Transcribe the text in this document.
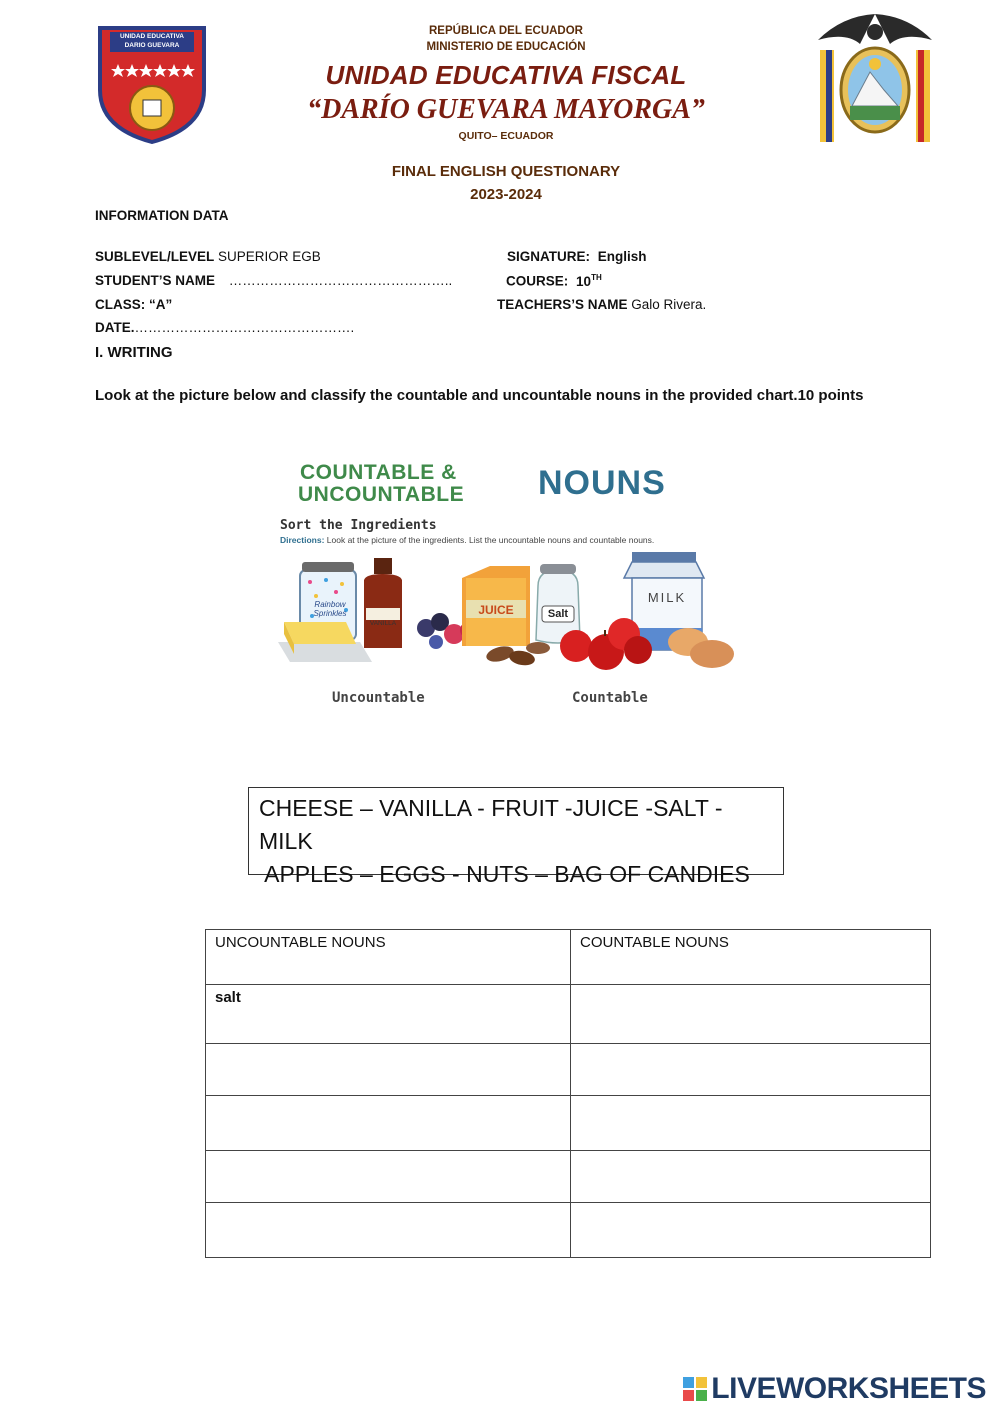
UNIDAD EDUCATIVA DARIO GUEVARA
REPÚBLICA DEL ECUADOR
MINISTERIO DE EDUCACIÓN
UNIDAD EDUCATIVA FISCAL
“DARÍO GUEVARA MAYORGA”
QUITO– ECUADOR
FINAL ENGLISH QUESTIONARY
2023-2024
INFORMATION DATA
SUBLEVEL/LEVEL SUPERIOR EGB	SIGNATURE: English
STUDENT’S NAME …………………………………………..	COURSE: 10TH
CLASS: “A”	TEACHERS’S NAME Galo Rivera.
DATE.………………………………………….
I. WRITING
Look at the picture below and classify the countable and uncountable nouns in the provided chart.10 points
COUNTABLE &
UNCOUNTABLE NOUNS
Sort the Ingredients
Directions: Look at the picture of the ingredients. List the uncountable nouns and countable nouns.
Rainbow Sprinkles
VANILLA
JUICE	Salt
MILK
Uncountable	Countable
CHEESE – VANILLA - FRUIT -JUICE -SALT -MILK
APPLES – EGGS - NUTS – BAG OF CANDIES
UNCOUNTABLE NOUNS	COUNTABLE NOUNS
salt	

LIVEWORKSHEETS
